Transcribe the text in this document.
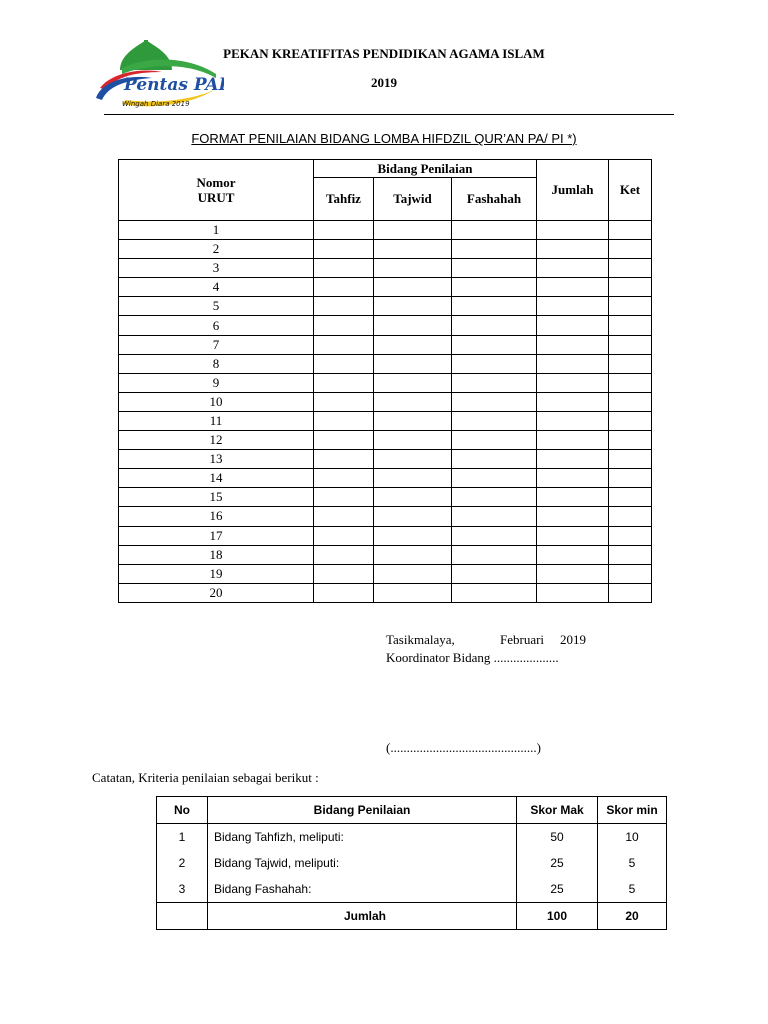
Pentas PAI
Wingah Diara 2019
PEKAN KREATIFITAS PENDIDIKAN AGAMA ISLAM
2019
FORMAT PENILAIAN BIDANG LOMBA HIFDZIL QUR’AN PA/ PI *)
Nomor
URUT	Bidang Penilaian			Jumlah	Ket
	Tahfiz	Tajwid	Fashahah		
1					
2					
3					
4					
5					
6					
7					
8					
9					
10					
11					
12					
13					
14					
15					
16					
17					
18					
19					
20					
Tasikmalaya,	Februari 2019
Koordinator Bidang ....................
(.............................................)
Catatan, Kriteria penilaian sebagai berikut :
No	Bidang Penilaian	Skor Mak	Skor min
1	Bidang Tahfizh, meliputi:	50	10
2	Bidang Tajwid, meliputi:	25	5
3	Bidang Fashahah:	25	5
	Jumlah	100	20
